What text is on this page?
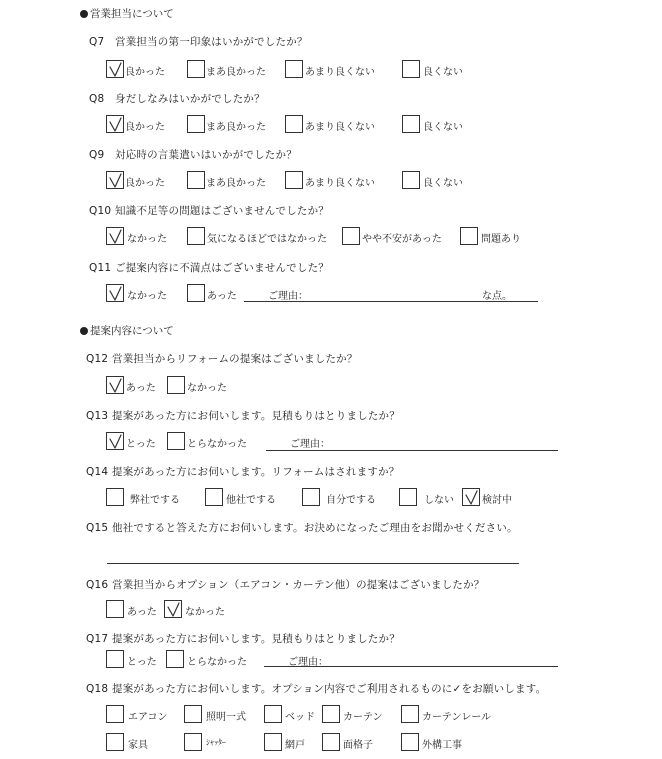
営業担当について
Q7 営業担当の第一印象はいかがでしたか？
良かった	まあ良かった	あまり良くない	良くない
Q8 身だしなみはいかがでしたか？
良かった	まあ良かった	あまり良くない	良くない
Q9 対応時の言葉遣いはいかがでしたか？
良かった	まあ良かった	あまり良くない	良くない
Q10 知識不足等の問題はございませんでしたか？
なかった	気になるほどではなかった	やや不安があった	問題あり
Q11 ご提案内容に不満点はございませんでした？
なかった	あった	ご理由：	な点。
提案内容について
Q12 営業担当からリフォームの提案はございましたか？
あった	なかった
Q13 提案があった方にお伺いします。見積もりはとりましたか？
とった	とらなかった	ご理由：
Q14 提案があった方にお伺いします。リフォームはされますか？
弊社でする	他社でする	自分でする	しない	検討中
Q15 他社ですると答えた方にお伺いします。お決めになったご理由をお聞かせください。
Q16 営業担当からオプション（エアコン・カーテン他）の提案はございましたか？
あった	なかった
Q17 提案があった方にお伺いします。見積もりはとりましたか？
とった	とらなかった	ご理由：
Q18 提案があった方にお伺いします。オプション内容でご利用されるものに✓をお願いします。
エアコン	照明一式	ベッド	カーテン	カーテンレール
家具	ｼｬｯﾀｰ	網戸	面格子	外構工事
